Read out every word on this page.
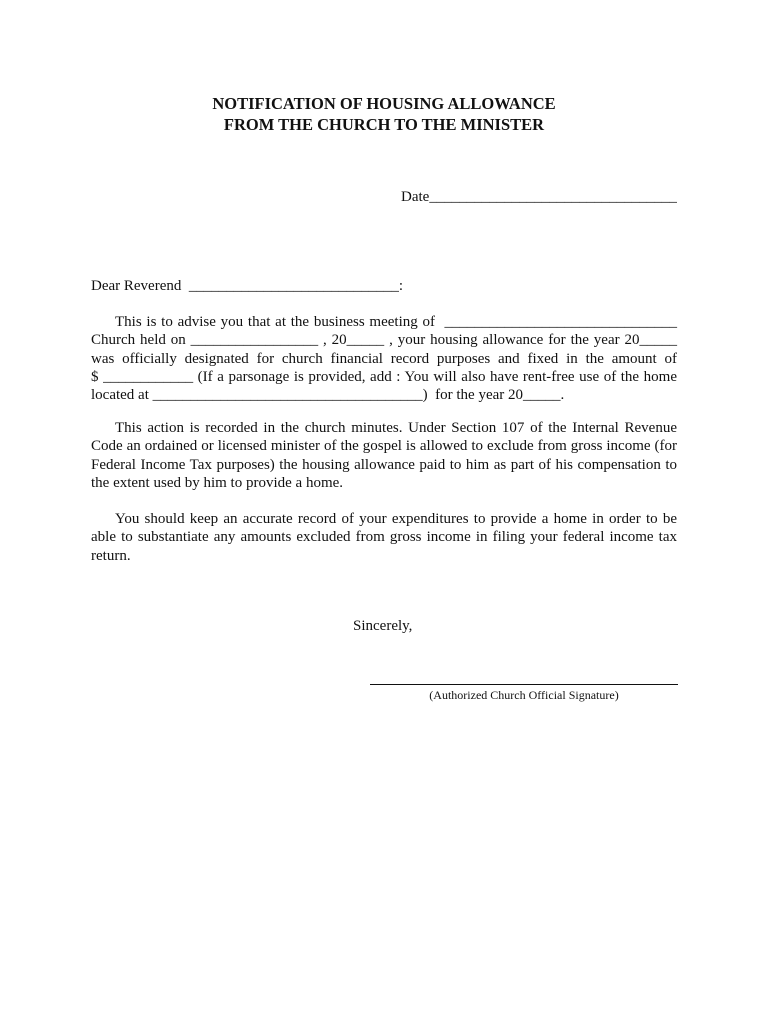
NOTIFICATION OF HOUSING ALLOWANCE
FROM THE CHURCH TO THE MINISTER
Date_________________________________
Dear Reverend  ____________________________:
This is to advise you that at the business meeting of  _______________________________
Church held on _________________ , 20_____ , your housing allowance for the year 20_____
was officially designated for church financial record purposes and fixed in the amount of
$ ____________ (If a parsonage is provided, add : You will also have rent-free use of the home
located at ____________________________________)  for the year 20_____.
This action is recorded in the church minutes. Under Section 107 of the Internal Revenue
Code an ordained or licensed minister of the gospel is allowed to exclude from gross income (for
Federal Income Tax purposes) the housing allowance paid to him as part of his compensation to
the extent used by him to provide a home.
You should keep an accurate record of your expenditures to provide a home in order to be
able to substantiate any amounts excluded from gross income in filing your federal income tax
return.
Sincerely,
(Authorized Church Official Signature)
